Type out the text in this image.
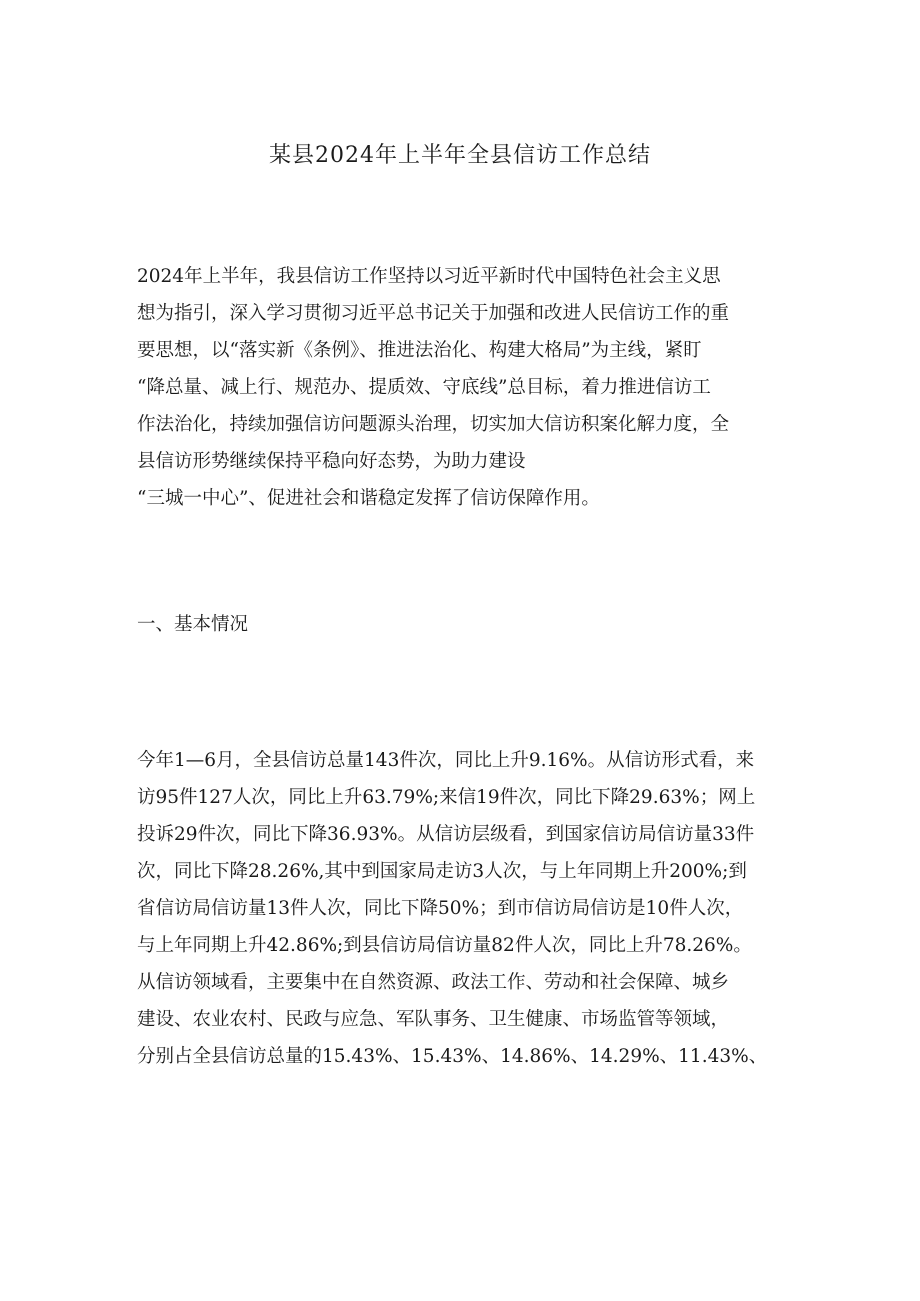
某县2024年上半年全县信访工作总结
2024年上半年，我县信访工作坚持以习近平新时代中国特色社会主义思
想为指引，深入学习贯彻习近平总书记关于加强和改进人民信访工作的重
要思想，以“落实新《条例》、推进法治化、构建大格局”为主线，紧盯
“降总量、减上行、规范办、提质效、守底线”总目标，着力推进信访工
作法治化，持续加强信访问题源头治理，切实加大信访积案化解力度，全
县信访形势继续保持平稳向好态势，为助力建设
“三城一中心”、促进社会和谐稳定发挥了信访保障作用。
一、基本情况
今年1—6月，全县信访总量143件次，同比上升9.16%。从信访形式看，来
访95件127人次，同比上升63.79%;来信19件次，同比下降29.63%；网上
投诉29件次，同比下降36.93%。从信访层级看，到国家信访局信访量33件
次，同比下降28.26%,其中到国家局走访3人次，与上年同期上升200%;到
省信访局信访量13件人次，同比下降50%；到市信访局信访是10件人次，
与上年同期上升42.86%;到县信访局信访量82件人次，同比上升78.26%。
从信访领域看，主要集中在自然资源、政法工作、劳动和社会保障、城乡
建设、农业农村、民政与应急、军队事务、卫生健康、市场监管等领域，
分别占全县信访总量的15.43%、15.43%、14.86%、14.29%、11.43%、
